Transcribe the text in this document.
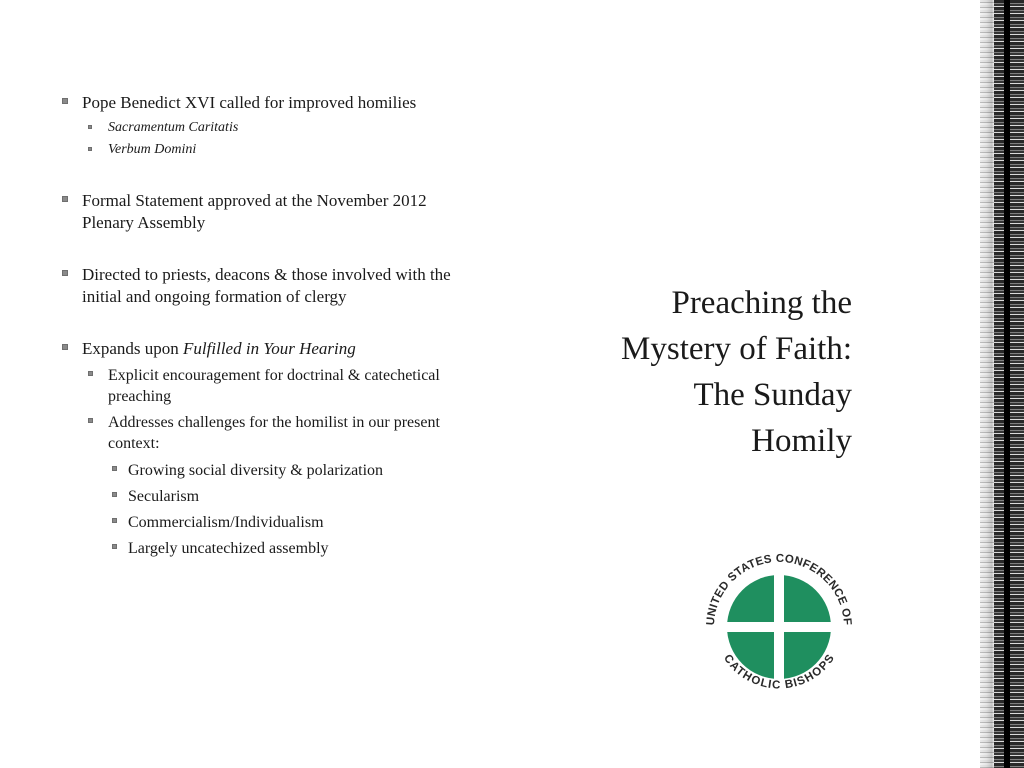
Pope Benedict XVI called for improved homilies
Sacramentum Caritatis
Verbum Domini
Formal Statement approved at the November 2012 Plenary Assembly
Directed to priests, deacons & those involved with the initial and ongoing formation of clergy
Expands upon Fulfilled in Your Hearing
Explicit encouragement for doctrinal & catechetical preaching
Addresses challenges for the homilist in our present context:
Growing social diversity & polarization
Secularism
Commercialism/Individualism
Largely uncatechized assembly
Preaching the
Mystery of Faith:
The Sunday
Homily
UNITED STATES CONFERENCE OF
CATHOLIC BISHOPS
